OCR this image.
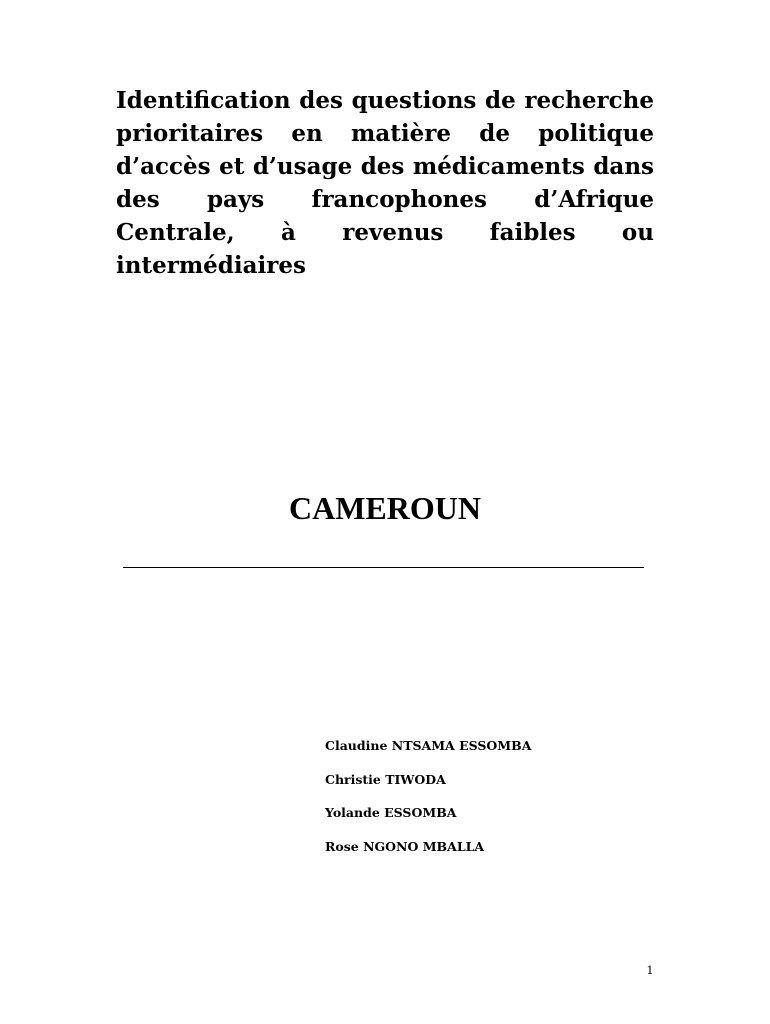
Identification des questions de recherche prioritaires en matière de politique d’accès et d’usage des médicaments dans des pays francophones d’Afrique Centrale, à revenus faibles ou intermédiaires
CAMEROUN
Claudine NTSAMA ESSOMBA
Christie TIWODA
Yolande ESSOMBA
Rose NGONO MBALLA
1
